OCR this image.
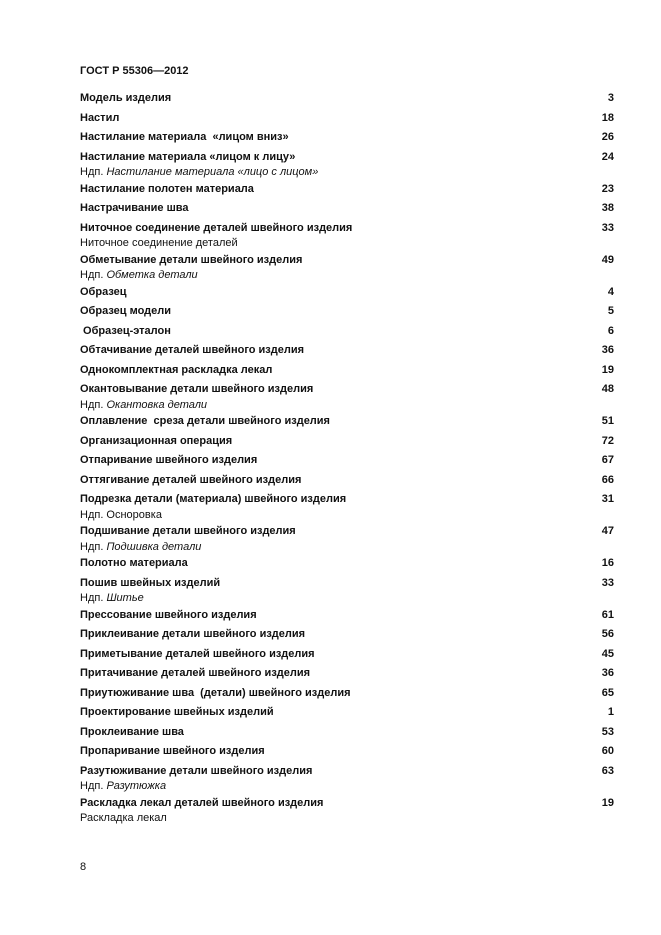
ГОСТ Р 55306—2012
Модель изделия	3
Настил	18
Настилание материала  «лицом вниз»	26
Настилание материала «лицом к лицу»	24
Ндп. Настилание материала «лицо с лицом»
Настилание полотен материала	23
Настрачивание шва	38
Ниточное соединение деталей швейного изделия	33
Ниточное соединение деталей
Обметывание детали швейного изделия	49
Ндп. Обметка детали
Образец	4
Образец модели	5
Образец-эталон	6
Обтачивание деталей швейного изделия	36
Однокомплектная раскладка лекал	19
Окантовывание детали швейного изделия	48
Ндп. Окантовка детали
Оплавление  среза детали швейного изделия	51
Организационная операция	72
Отпаривание швейного изделия	67
Оттягивание деталей швейного изделия	66
Подрезка детали (материала) швейного изделия	31
Ндп. Осноровка
Подшивание детали швейного изделия	47
Ндп. Подшивка детали
Полотно материала	16
Пошив швейных изделий	33
Ндп. Шитье
Прессование швейного изделия	61
Приклеивание детали швейного изделия	56
Приметывание деталей швейного изделия	45
Притачивание деталей швейного изделия	36
Приутюживание шва  (детали) швейного изделия	65
Проектирование швейных изделий	1
Проклеивание шва	53
Пропаривание швейного изделия	60
Разутюживание детали швейного изделия	63
Ндп. Разутюжка
Раскладка лекал деталей швейного изделия	19
Раскладка лекал
8
